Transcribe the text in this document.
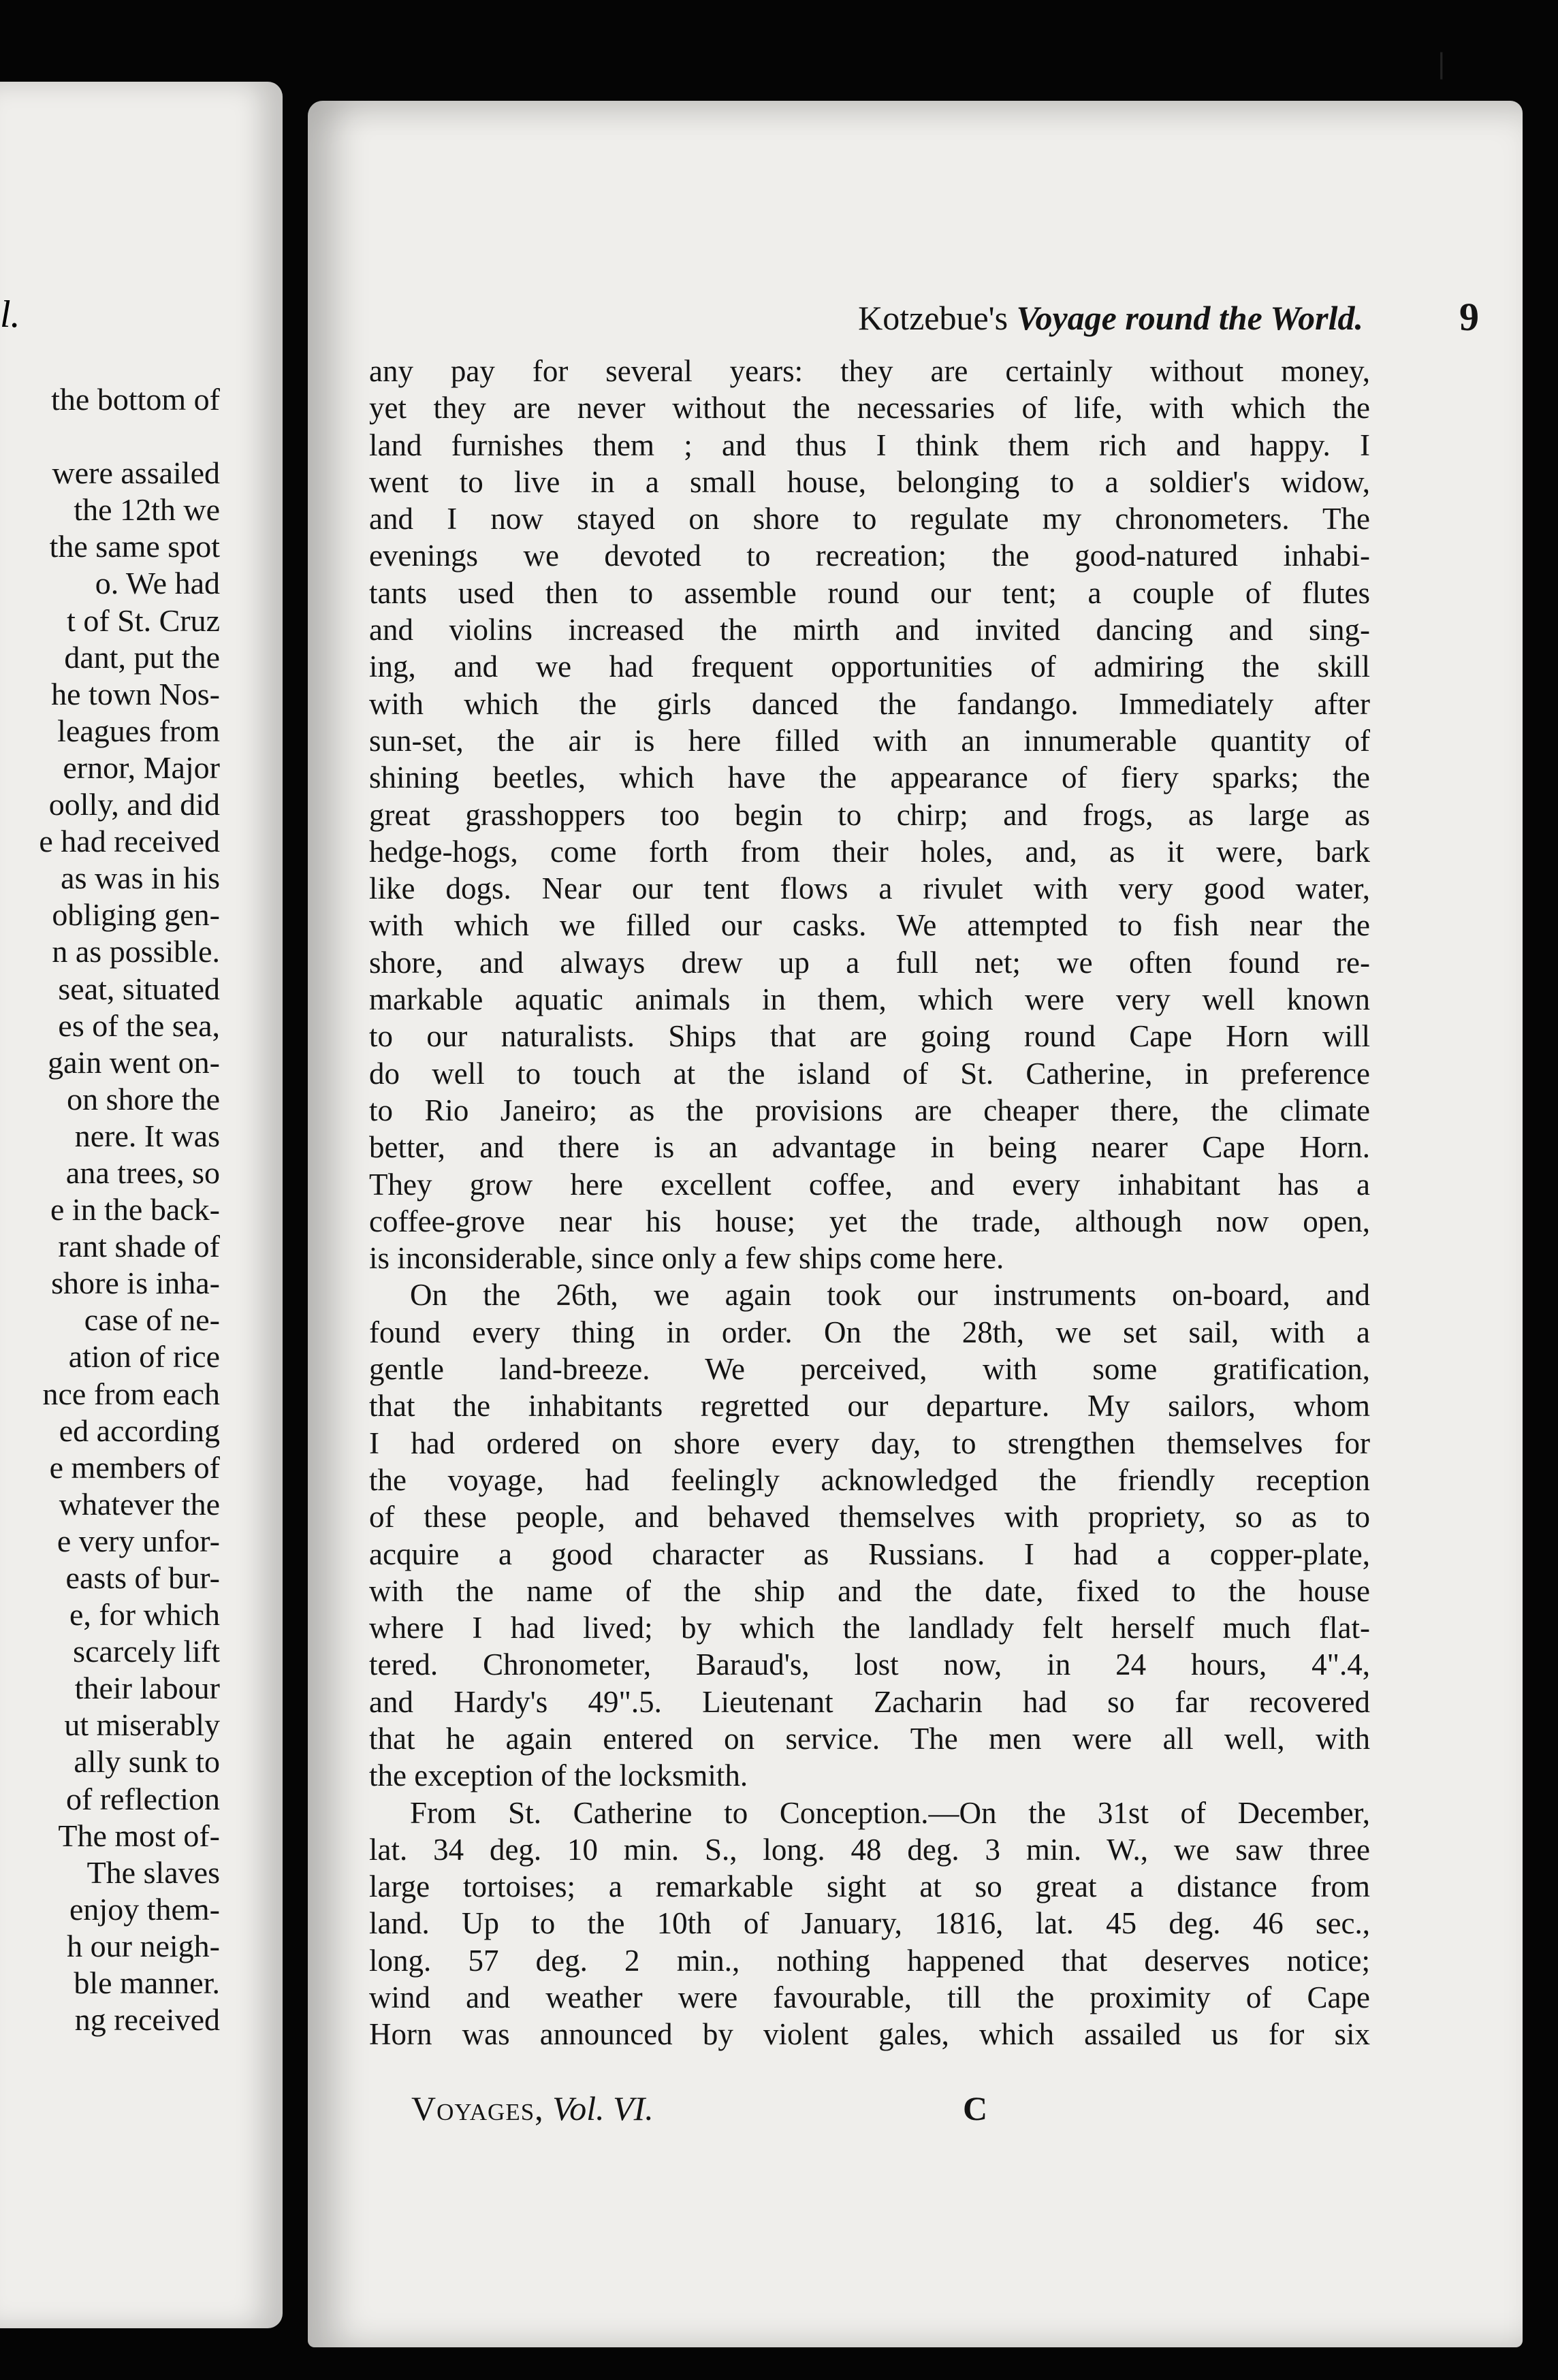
l.
the bottom of
were assailed
the 12th we
the same spot
o. We had
t of St. Cruz
dant, put the
he town Nos-
leagues from
ernor, Major
oolly, and did
e had received
as was in his
obliging gen-
n as possible.
seat, situated
es of the sea,
gain went on-
on shore the
nere. It was
ana trees, so
e in the back-
rant shade of
shore is inha-
case of ne-
ation of rice
nce from each
ed according
e members of
whatever the
e very unfor-
easts of bur-
e, for which
scarcely lift
their labour
ut miserably
ally sunk to
of reflection
The most of-
The slaves
enjoy them-
h our neigh-
ble manner.
ng received
Kotzebue's Voyage round the World. 9
any pay for several years: they are certainly without money,
yet they are never without the necessaries of life, with which the
land furnishes them ; and thus I think them rich and happy. I
went to live in a small house, belonging to a soldier's widow,
and I now stayed on shore to regulate my chronometers. The
evenings we devoted to recreation; the good-natured inhabi-
tants used then to assemble round our tent; a couple of flutes
and violins increased the mirth and invited dancing and sing-
ing, and we had frequent opportunities of admiring the skill
with which the girls danced the fandango. Immediately after
sun-set, the air is here filled with an innumerable quantity of
shining beetles, which have the appearance of fiery sparks; the
great grasshoppers too begin to chirp; and frogs, as large as
hedge-hogs, come forth from their holes, and, as it were, bark
like dogs. Near our tent flows a rivulet with very good water,
with which we filled our casks. We attempted to fish near the
shore, and always drew up a full net; we often found re-
markable aquatic animals in them, which were very well known
to our naturalists. Ships that are going round Cape Horn will
do well to touch at the island of St. Catherine, in preference
to Rio Janeiro; as the provisions are cheaper there, the climate
better, and there is an advantage in being nearer Cape Horn.
They grow here excellent coffee, and every inhabitant has a
coffee-grove near his house; yet the trade, although now open,
is inconsiderable, since only a few ships come here.
On the 26th, we again took our instruments on-board, and
found every thing in order. On the 28th, we set sail, with a
gentle land-breeze. We perceived, with some gratification,
that the inhabitants regretted our departure. My sailors, whom
I had ordered on shore every day, to strengthen themselves for
the voyage, had feelingly acknowledged the friendly reception
of these people, and behaved themselves with propriety, so as to
acquire a good character as Russians. I had a copper-plate,
with the name of the ship and the date, fixed to the house
where I had lived; by which the landlady felt herself much flat-
tered. Chronometer, Baraud's, lost now, in 24 hours, 4".4,
and Hardy's 49".5. Lieutenant Zacharin had so far recovered
that he again entered on service. The men were all well, with
the exception of the locksmith.
From St. Catherine to Conception.—On the 31st of December,
lat. 34 deg. 10 min. S., long. 48 deg. 3 min. W., we saw three
large tortoises; a remarkable sight at so great a distance from
land. Up to the 10th of January, 1816, lat. 45 deg. 46 sec.,
long. 57 deg. 2 min., nothing happened that deserves notice;
wind and weather were favourable, till the proximity of Cape
Horn was announced by violent gales, which assailed us for six
Voyages, Vol. VI.	C
❘
